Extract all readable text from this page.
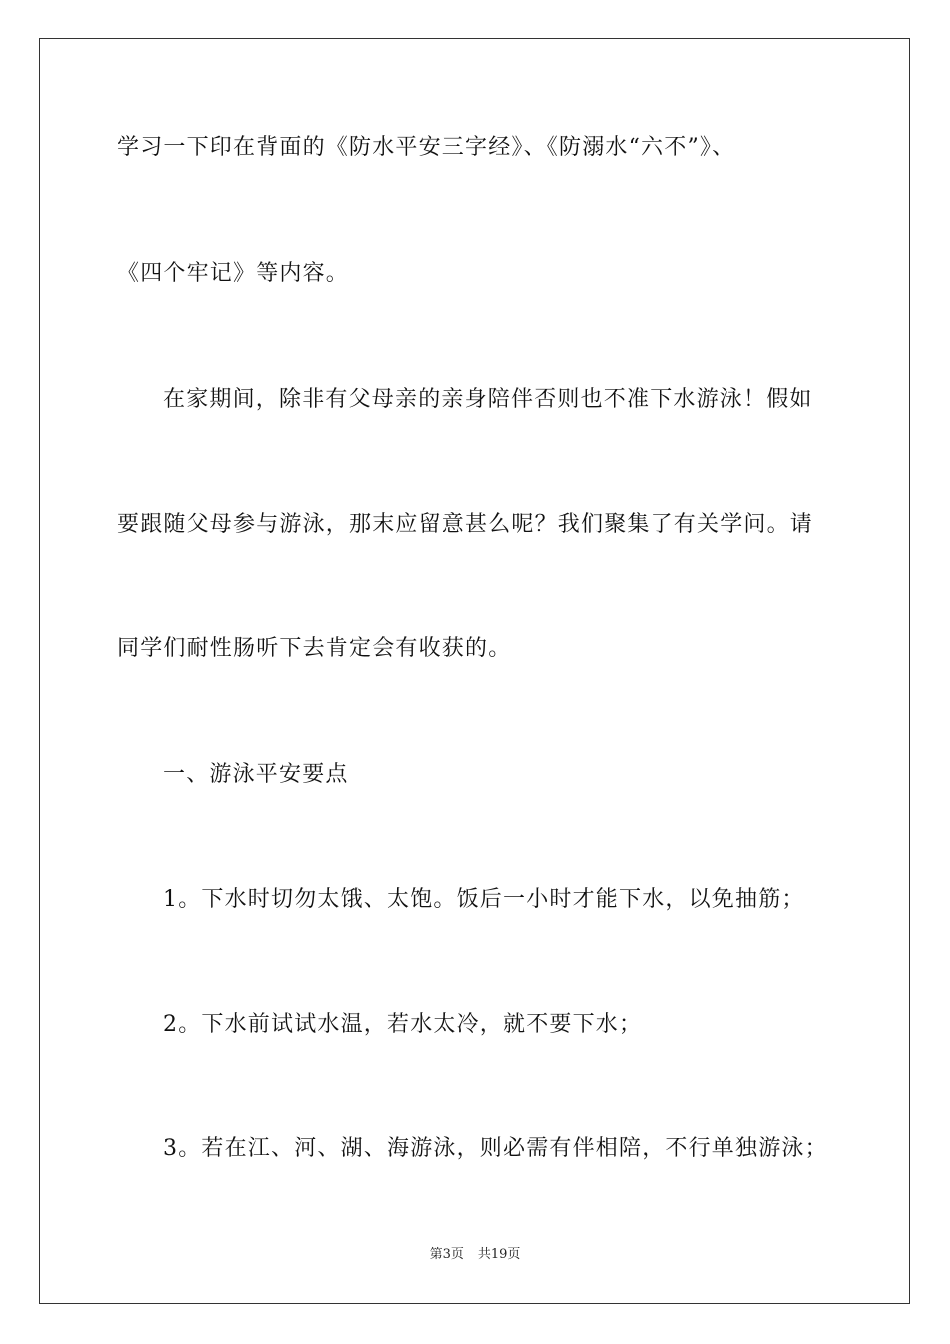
学习一下印在背面的《防水平安三字经》、《防溺水“六不”》、
《四个牢记》等内容。
在家期间，除非有父母亲的亲身陪伴否则也不准下水游泳！假如
要跟随父母参与游泳，那末应留意甚么呢？我们聚集了有关学问。请
同学们耐性肠听下去肯定会有收获的。
一、游泳平安要点
1。下水时切勿太饿、太饱。饭后一小时才能下水，以免抽筋；
2。下水前试试水温，若水太冷，就不要下水；
3。若在江、河、湖、海游泳，则必需有伴相陪，不行单独游泳；
第3页 共19页
